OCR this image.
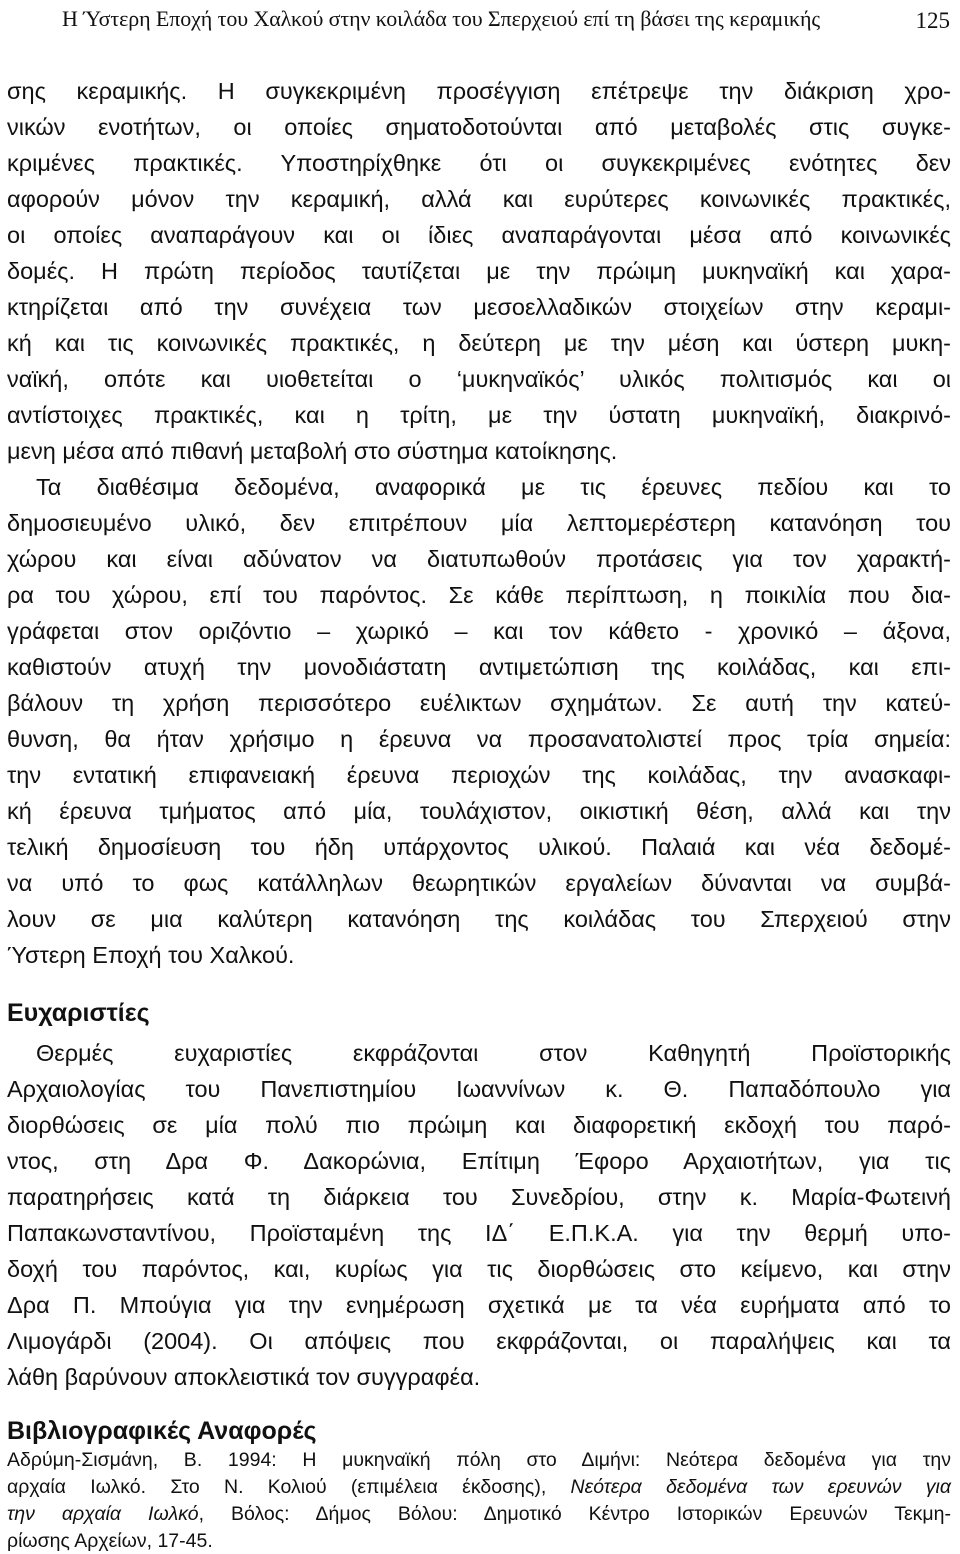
Η Ύστερη Εποχή του Χαλκού στην κοιλάδα του Σπερχειού επί τη βάσει της κεραμικής	125

σης κεραμικής. Η συγκεκριμένη προσέγγιση επέτρεψε την διάκριση χρο-

νικών ενοτήτων, οι οποίες σηματοδοτούνται από μεταβολές στις συγκε-

κριμένες πρακτικές. Υποστηρίχθηκε ότι οι συγκεκριμένες ενότητες δεν

αφορούν μόνον την κεραμική, αλλά και ευρύτερες κοινωνικές πρακτικές,

οι οποίες αναπαράγουν και οι ίδιες αναπαράγονται μέσα από κοινωνικές

δομές. Η πρώτη περίοδος ταυτίζεται με την πρώιμη μυκηναϊκή και χαρα-

κτηρίζεται από την συνέχεια των μεσοελλαδικών στοιχείων στην κεραμι-

κή και τις κοινωνικές πρακτικές, η δεύτερη με την μέση και ύστερη μυκη-

ναϊκή, οπότε και υιοθετείται ο ‘μυκηναϊκός’ υλικός πολιτισμός και οι

αντίστοιχες πρακτικές, και η τρίτη, με την ύστατη μυκηναϊκή, διακρινό-

μενη μέσα από πιθανή μεταβολή στο σύστημα κατοίκησης.

Τα διαθέσιμα δεδομένα, αναφορικά με τις έρευνες πεδίου και το

δημοσιευμένο υλικό, δεν επιτρέπουν μία λεπτομερέστερη κατανόηση του

χώρου και είναι αδύνατον να διατυπωθούν προτάσεις για τον χαρακτή-

ρα του χώρου, επί του παρόντος. Σε κάθε περίπτωση, η ποικιλία που δια-

γράφεται στον οριζόντιο – χωρικό – και τον κάθετο - χρονικό – άξονα,

καθιστούν ατυχή την μονοδιάστατη αντιμετώπιση της κοιλάδας, και επι-

βάλουν τη χρήση περισσότερο ευέλικτων σχημάτων. Σε αυτή την κατεύ-

θυνση, θα ήταν χρήσιμο η έρευνα να προσανατολιστεί προς τρία σημεία:

την εντατική επιφανειακή έρευνα περιοχών της κοιλάδας, την ανασκαφι-

κή έρευνα τμήματος από μία, τουλάχιστον, οικιστική θέση, αλλά και την

τελική δημοσίευση του ήδη υπάρχοντος υλικού. Παλαιά και νέα δεδομέ-

να υπό το φως κατάλληλων θεωρητικών εργαλείων δύνανται να συμβά-

λουν σε μια καλύτερη κατανόηση της κοιλάδας του Σπερχειού στην

Ύστερη Εποχή του Χαλκού.

Ευχαριστίες

Θερμές ευχαριστίες εκφράζονται στον Καθηγητή Προϊστορικής

Αρχαιολογίας του Πανεπιστημίου Ιωαννίνων κ. Θ. Παπαδόπουλο για

διορθώσεις σε μία πολύ πιο πρώιμη και διαφορετική εκδοχή του παρό-

ντος, στη Δρα Φ. Δακορώνια, Επίτιμη Έφορο Αρχαιοτήτων, για τις

παρατηρήσεις κατά τη διάρκεια του Συνεδρίου, στην κ. Μαρία-Φωτεινή

Παπακωνσταντίνου, Προϊσταμένη της ΙΔ΄ Ε.Π.Κ.Α. για την θερμή υπο-

δοχή του παρόντος, και, κυρίως για τις διορθώσεις στο κείμενο, και στην

Δρα Π. Μπούγια για την ενημέρωση σχετικά με τα νέα ευρήματα από το

Λιμογάρδι (2004). Οι απόψεις που εκφράζονται, οι παραλήψεις και τα

λάθη βαρύνουν αποκλειστικά τον συγγραφέα.

Βιβλιογραφικές Αναφορές

Αδρύμη-Σισμάνη, Β. 1994: Η μυκηναϊκή πόλη στο Διμήνι: Νεότερα δεδομένα για την

αρχαία Ιωλκό. Στο Ν. Κολιού (επιμέλεια έκδοσης), Νεότερα δεδομένα των ερευνών για

την αρχαία Ιωλκό, Βόλος: Δήμος Βόλου: Δημοτικό Κέντρο Ιστορικών Ερευνών Τεκμη-

ρίωσης Αρχείων, 17-45.
